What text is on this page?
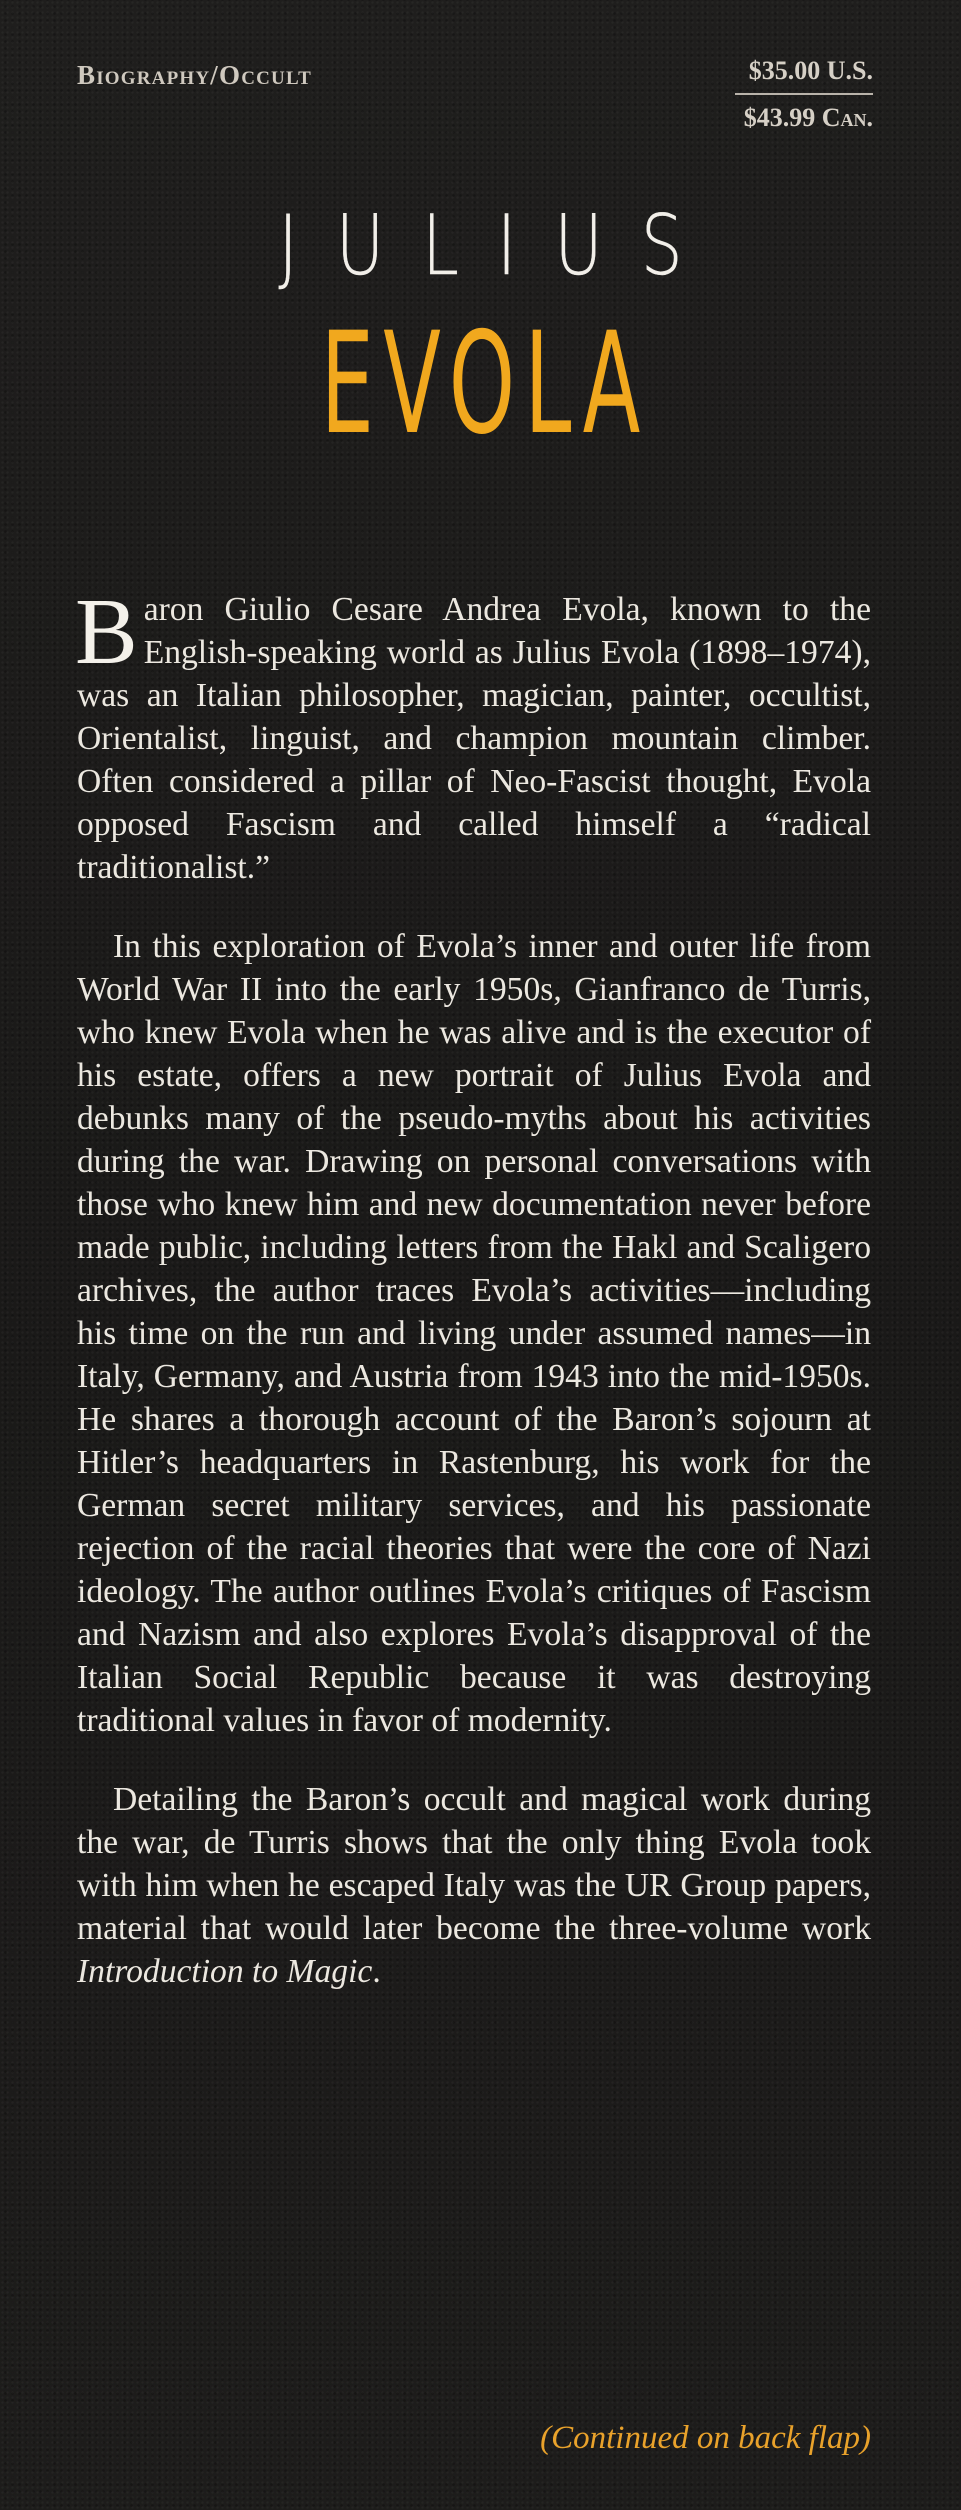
Biography/Occult	$35.00 U.S.
$43.99 Can.
JULIUS
EVOLA

Baron Giulio Cesare Andrea Evola, known to the English-speaking world as Julius Evola (1898–1974), was an Italian philosopher, magician, painter, occultist, Orientalist, linguist, and champion mountain climber. Often considered a pillar of Neo-Fascist thought, Evola opposed Fascism and called himself a “radical traditionalist.”

In this exploration of Evola’s inner and outer life from World War II into the early 1950s, Gianfranco de Turris, who knew Evola when he was alive and is the executor of his estate, offers a new portrait of Julius Evola and debunks many of the pseudo-myths about his activities during the war. Drawing on personal conversations with those who knew him and new documentation never before made public, including letters from the Hakl and Scaligero archives, the author traces Evola’s activities—including his time on the run and living under assumed names—in Italy, Germany, and Austria from 1943 into the mid-1950s. He shares a thorough account of the Baron’s sojourn at Hitler’s headquarters in Rastenburg, his work for the German secret military services, and his passionate rejection of the racial theories that were the core of Nazi ideology. The author outlines Evola’s critiques of Fascism and Nazism and also explores Evola’s disapproval of the Italian Social Republic because it was destroying traditional values in favor of modernity.

Detailing the Baron’s occult and magical work during the war, de Turris shows that the only thing Evola took with him when he escaped Italy was the UR Group papers, material that would later become the three-volume work Introduction to Magic.

(Continued on back flap)
